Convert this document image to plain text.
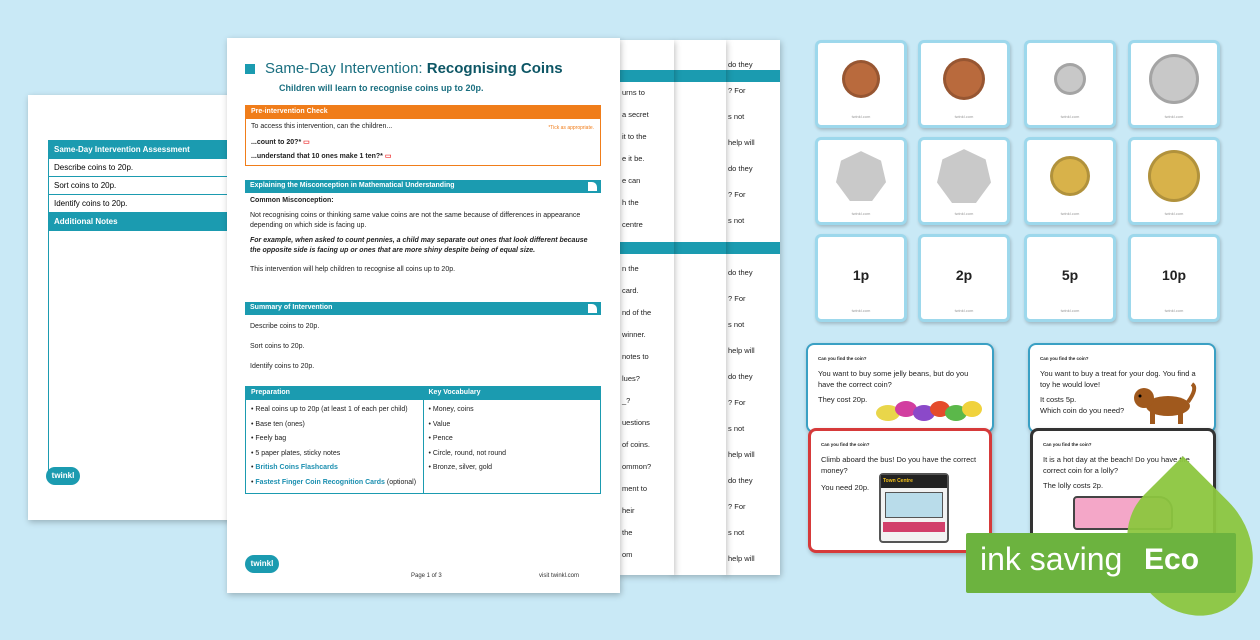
Same-Day Intervention Assessment
Describe coins to 20p.
Sort coins to 20p.
Identify coins to 20p.
Additional Notes

twinkl
do they
? For
s not
help will
do they
? For
s not
do they
? For
s not
help will
do they
? For
s not
help will
do they
? For
s not
help will
urns to
a secret
it to the
e it be.
e can
h the
centre
n the
card.
nd of the
winner.
notes to
lues?
_?
uestions
of coins.
ommon?
ment to
heir
the
om
Same-Day Intervention: Recognising Coins
Children will learn to recognise coins up to 20p.
Pre-intervention Check
To access this intervention, can the children...	*Tick as appropriate.
...count to 20?* ▭
...understand that 10 ones make 1 ten?* ▭
Explaining the Misconception in Mathematical Understanding
Common Misconception:
Not recognising coins or thinking same value coins are not the same because of differences in appearance depending on which side is facing up.
For example, when asked to count pennies, a child may separate out ones that look different because the opposite side is facing up or ones that are more shiny despite being of equal size.
This intervention will help children to recognise all coins up to 20p.
Summary of Intervention
Describe coins to 20p.
Sort coins to 20p.
Identify coins to 20p.
Preparation
• Real coins up to 20p (at least 1 of each per child)
• Base ten (ones)
• Feely bag
• 5 paper plates, sticky notes
• British Coins Flashcards
• Fastest Finger Coin Recognition Cards (optional)
Key Vocabulary
• Money, coins
• Value
• Pence
• Circle, round, not round
• Bronze, silver, gold
twinkl
Page 1 of 3	visit twinkl.com
twinkl.com	twinkl.com	twinkl.com	twinkl.com
twinkl.com	twinkl.com	twinkl.com	twinkl.com
1p
twinkl.com
2p
twinkl.com
5p
twinkl.com
10p
twinkl.com
Can you find the coin?
You want to buy some jelly beans, but do you have the correct coin?
They cost 20p.
Can you find the coin?
You want to buy a treat for your dog. You find a toy he would love!
It costs 5p.
Which coin do you need?
Can you find the coin?
Climb aboard the bus! Do you have the correct money?
You need 20p.
Town Centre
Can you find the coin?
It is a hot day at the beach! Do you have the correct coin for a lolly?
The lolly costs 2p.
ink saving Eco
